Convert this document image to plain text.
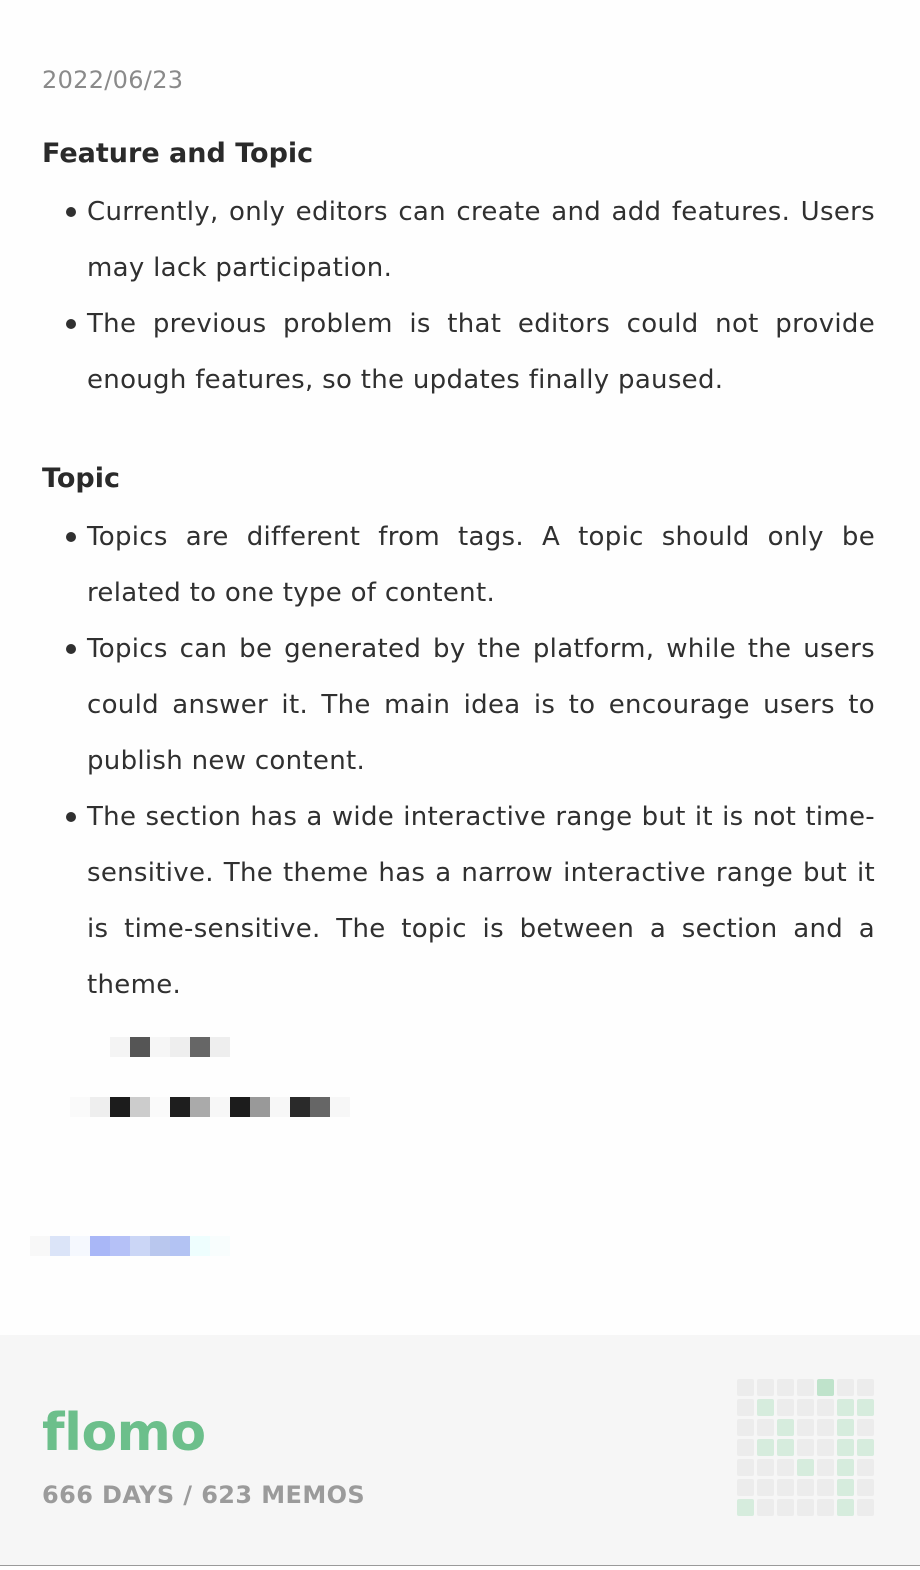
2022/06/23
Feature and Topic
Currently, only editors can create and add features. Users may lack participation.
The previous problem is that editors could not provide enough features, so the updates finally paused.
Topic
Topics are different from tags. A topic should only be related to one type of content.
Topics can be generated by the platform, while the users could answer it. The main idea is to encourage users to publish new content.
The section has a wide interactive range but it is not time-sensitive. The theme has a narrow interactive range but it is time-sensitive. The topic is between a section and a theme.
flomo
666 DAYS / 623 MEMOS
